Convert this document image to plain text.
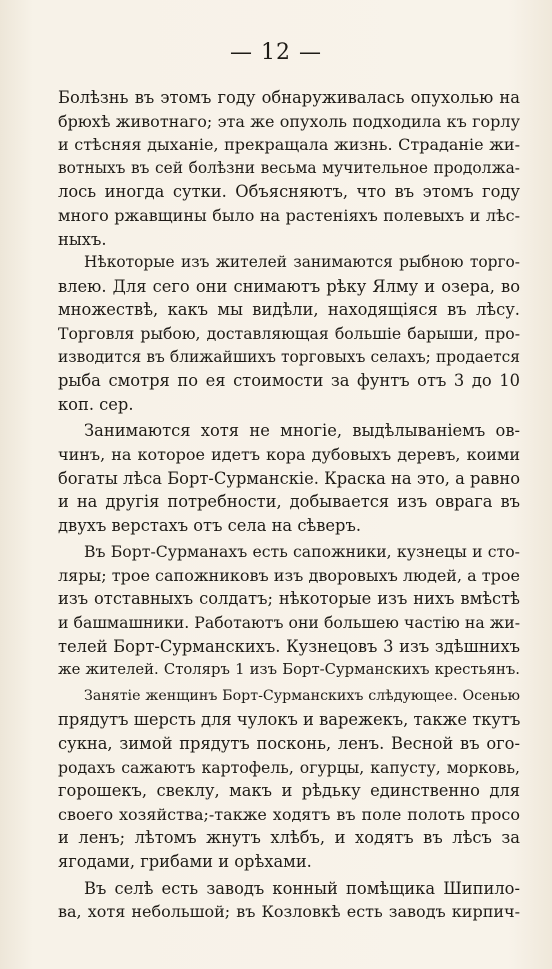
— 12 —
Болѣзнь въ этомъ году обнаруживалась опухолью на
брюхѣ животнаго; эта же опухоль подходила къ горлу
и стѣсняя дыханіе, прекращала жизнь. Страданіе жи-
вотныхъ въ сей болѣзни весьма мучительное продолжа-
лось иногда сутки. Объясняютъ, что въ этомъ году
много ржавщины было на растеніяхъ полевыхъ и лѣс-
ныхъ.
Нѣкоторые изъ жителей занимаются рыбною торго-
влею. Для сего они снимаютъ рѣку Ялму и озера, во
множествѣ, какъ мы видѣли, находящіяся въ лѣсу.
Торговля рыбою, доставляющая большіе барыши, про-
изводится въ ближайшихъ торговыхъ селахъ; продается
рыба смотря по ея стоимости за фунтъ отъ 3 до 10
коп. сер.
Занимаются хотя не многіе, выдѣлываніемъ ов-
чинъ, на которое идетъ кора дубовыхъ деревъ, коими
богаты лѣса Борт-Сурманскіе. Краска на это, а равно
и на другія потребности, добывается изъ оврага въ
двухъ верстахъ отъ села на сѣверъ.
Въ Борт-Сурманахъ есть сапожники, кузнецы и сто-
ляры; трое сапожниковъ изъ дворовыхъ людей, а трое
изъ отставныхъ солдатъ; нѣкоторые изъ нихъ вмѣстѣ
и башмашники. Работаютъ они большею частію на жи-
телей Борт-Сурманскихъ. Кузнецовъ 3 изъ здѣшнихъ
же жителей. Столяръ 1 изъ Борт-Сурманскихъ крестьянъ.
Занятіе женщинъ Борт-Сурманскихъ слѣдующее. Осенью
прядутъ шерсть для чулокъ и варежекъ, также ткутъ
сукна, зимой прядутъ посконь, ленъ. Весной въ ого-
родахъ сажаютъ картофель, огурцы, капусту, морковь,
горошекъ, свеклу, макъ и рѣдьку единственно для
своего хозяйства;-также ходятъ въ поле полоть просо
и ленъ; лѣтомъ жнутъ хлѣбъ, и ходятъ въ лѣсъ за
ягодами, грибами и орѣхами.
Въ селѣ есть заводъ конный помѣщика Шипило-
ва, хотя небольшой; въ Козловкѣ есть заводъ кирпич-
